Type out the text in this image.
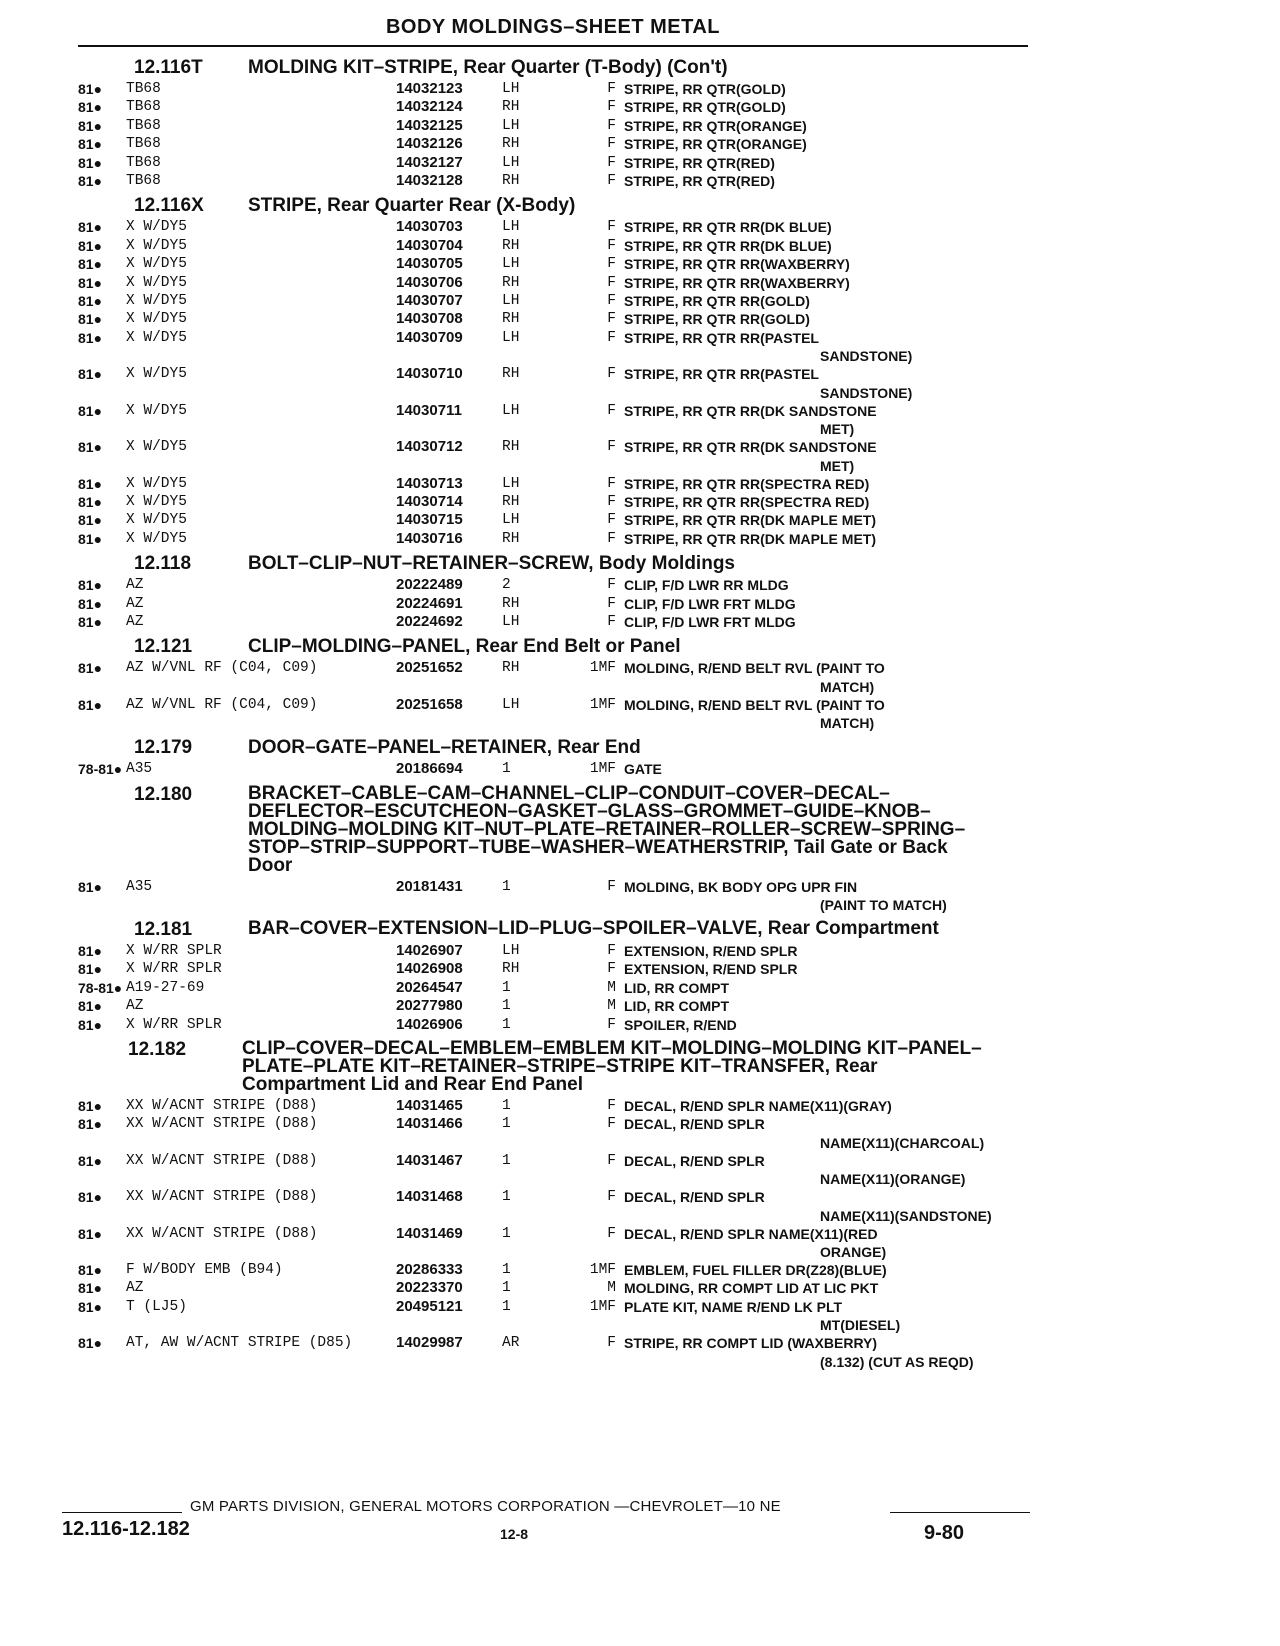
BODY MOLDINGS–SHEET METAL
12.116T	MOLDING KIT–STRIPE, Rear Quarter (T-Body) (Con't)
81●	TB68	14032123	LH	F STRIPE, RR QTR(GOLD)
81●	TB68	14032124	RH	F STRIPE, RR QTR(GOLD)
81●	TB68	14032125	LH	F STRIPE, RR QTR(ORANGE)
81●	TB68	14032126	RH	F STRIPE, RR QTR(ORANGE)
81●	TB68	14032127	LH	F STRIPE, RR QTR(RED)
81●	TB68	14032128	RH	F STRIPE, RR QTR(RED)
12.116X	STRIPE, Rear Quarter Rear (X-Body)
81●	X W/DY5	14030703	LH	F STRIPE, RR QTR RR(DK BLUE)
81●	X W/DY5	14030704	RH	F STRIPE, RR QTR RR(DK BLUE)
81●	X W/DY5	14030705	LH	F STRIPE, RR QTR RR(WAXBERRY)
81●	X W/DY5	14030706	RH	F STRIPE, RR QTR RR(WAXBERRY)
81●	X W/DY5	14030707	LH	F STRIPE, RR QTR RR(GOLD)
81●	X W/DY5	14030708	RH	F STRIPE, RR QTR RR(GOLD)
81●	X W/DY5	14030709	LH	F STRIPE, RR QTR RR(PASTEL
SANDSTONE)
81●	X W/DY5	14030710	RH	F STRIPE, RR QTR RR(PASTEL
SANDSTONE)
81●	X W/DY5	14030711	LH	F STRIPE, RR QTR RR(DK SANDSTONE
MET)
81●	X W/DY5	14030712	RH	F STRIPE, RR QTR RR(DK SANDSTONE
MET)
81●	X W/DY5	14030713	LH	F STRIPE, RR QTR RR(SPECTRA RED)
81●	X W/DY5	14030714	RH	F STRIPE, RR QTR RR(SPECTRA RED)
81●	X W/DY5	14030715	LH	F STRIPE, RR QTR RR(DK MAPLE MET)
81●	X W/DY5	14030716	RH	F STRIPE, RR QTR RR(DK MAPLE MET)
12.118	BOLT–CLIP–NUT–RETAINER–SCREW, Body Moldings
81●	AZ	20222489	2	F CLIP, F/D LWR RR MLDG
81●	AZ	20224691	RH	F CLIP, F/D LWR FRT MLDG
81●	AZ	20224692	LH	F CLIP, F/D LWR FRT MLDG
12.121	CLIP–MOLDING–PANEL, Rear End Belt or Panel
81●	AZ W/VNL RF (C04, C09)	20251652	RH	1MF MOLDING, R/END BELT RVL (PAINT TO
MATCH)
81●	AZ W/VNL RF (C04, C09)	20251658	LH	1MF MOLDING, R/END BELT RVL (PAINT TO
MATCH)
12.179	DOOR–GATE–PANEL–RETAINER, Rear End
78-81● A35	20186694	1	1MF GATE
12.180	BRACKET–CABLE–CAM–CHANNEL–CLIP–CONDUIT–COVER–DECAL–DEFLECTOR–ESCUTCHEON–GASKET–GLASS–GROMMET–GUIDE–KNOB–MOLDING–MOLDING KIT–NUT–PLATE–RETAINER–ROLLER–SCREW–SPRING–STOP–STRIP–SUPPORT–TUBE–WASHER–WEATHERSTRIP, Tail Gate or Back Door
81●	A35	20181431	1	F MOLDING, BK BODY OPG UPR FIN
(PAINT TO MATCH)
12.181	BAR–COVER–EXTENSION–LID–PLUG–SPOILER–VALVE, Rear Compartment
81●	X W/RR SPLR	14026907	LH	F EXTENSION, R/END SPLR
81●	X W/RR SPLR	14026908	RH	F EXTENSION, R/END SPLR
78-81● A19-27-69	20264547	1	M LID, RR COMPT
81●	AZ	20277980	1	M LID, RR COMPT
81●	X W/RR SPLR	14026906	1	F SPOILER, R/END
12.182	CLIP–COVER–DECAL–EMBLEM–EMBLEM KIT–MOLDING–MOLDING KIT–PANEL–PLATE–PLATE KIT–RETAINER–STRIPE–STRIPE KIT–TRANSFER, Rear Compartment Lid and Rear End Panel
81●	XX W/ACNT STRIPE (D88)	14031465	1	F DECAL, R/END SPLR NAME(X11)(GRAY)
81●	XX W/ACNT STRIPE (D88)	14031466	1	F DECAL, R/END SPLR
NAME(X11)(CHARCOAL)
81●	XX W/ACNT STRIPE (D88)	14031467	1	F DECAL, R/END SPLR
NAME(X11)(ORANGE)
81●	XX W/ACNT STRIPE (D88)	14031468	1	F DECAL, R/END SPLR
NAME(X11)(SANDSTONE)
81●	XX W/ACNT STRIPE (D88)	14031469	1	F DECAL, R/END SPLR NAME(X11)(RED
ORANGE)
81●	F W/BODY EMB (B94)	20286333	1	1MF EMBLEM, FUEL FILLER DR(Z28)(BLUE)
81●	AZ	20223370	1	M MOLDING, RR COMPT LID AT LIC PKT
81●	T (LJ5)	20495121	1	1MF PLATE KIT, NAME R/END LK PLT
MT(DIESEL)
81●	AT, AW W/ACNT STRIPE (D85)	14029987	AR	F STRIPE, RR COMPT LID (WAXBERRY)
(8.132) (CUT AS REQD)
GM PARTS DIVISION, GENERAL MOTORS CORPORATION —CHEVROLET—10 NE
12.116-12.182	12-8	9-80
